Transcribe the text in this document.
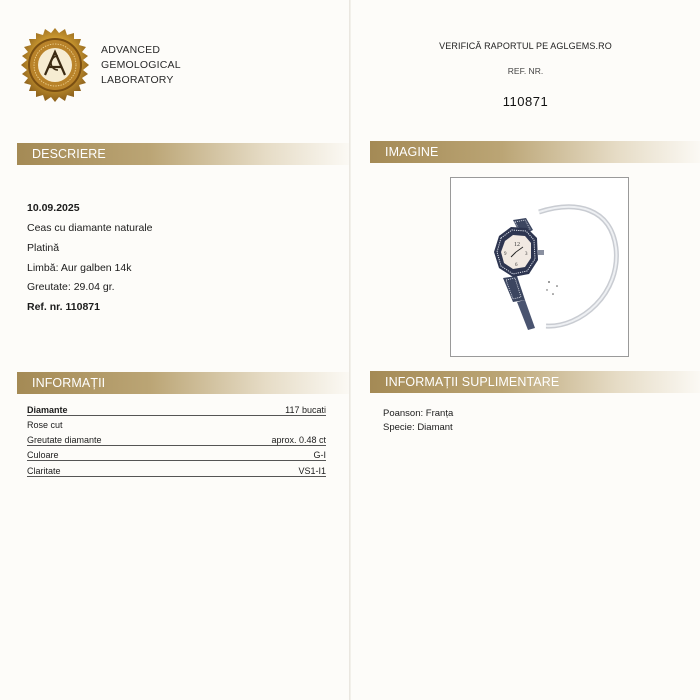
ADVANCED
GEMOLOGICAL
LABORATORY
DESCRIERE
10.09.2025
Ceas cu diamante naturale
Platină
Limbă: Aur galben 14k
Greutate: 29.04 gr.
Ref. nr. 110871
INFORMAȚII
Diamante	117 bucati
Rose cut
Greutate diamante	aprox. 0.48 ct
Culoare	G-I
Claritate	VS1-I1
VERIFICĂ RAPORTUL PE AGLGEMS.RO
REF. NR.
110871
IMAGINE
12
3
6
9
INFORMAȚII SUPLIMENTARE
Poanson: Franța
Specie: Diamant
